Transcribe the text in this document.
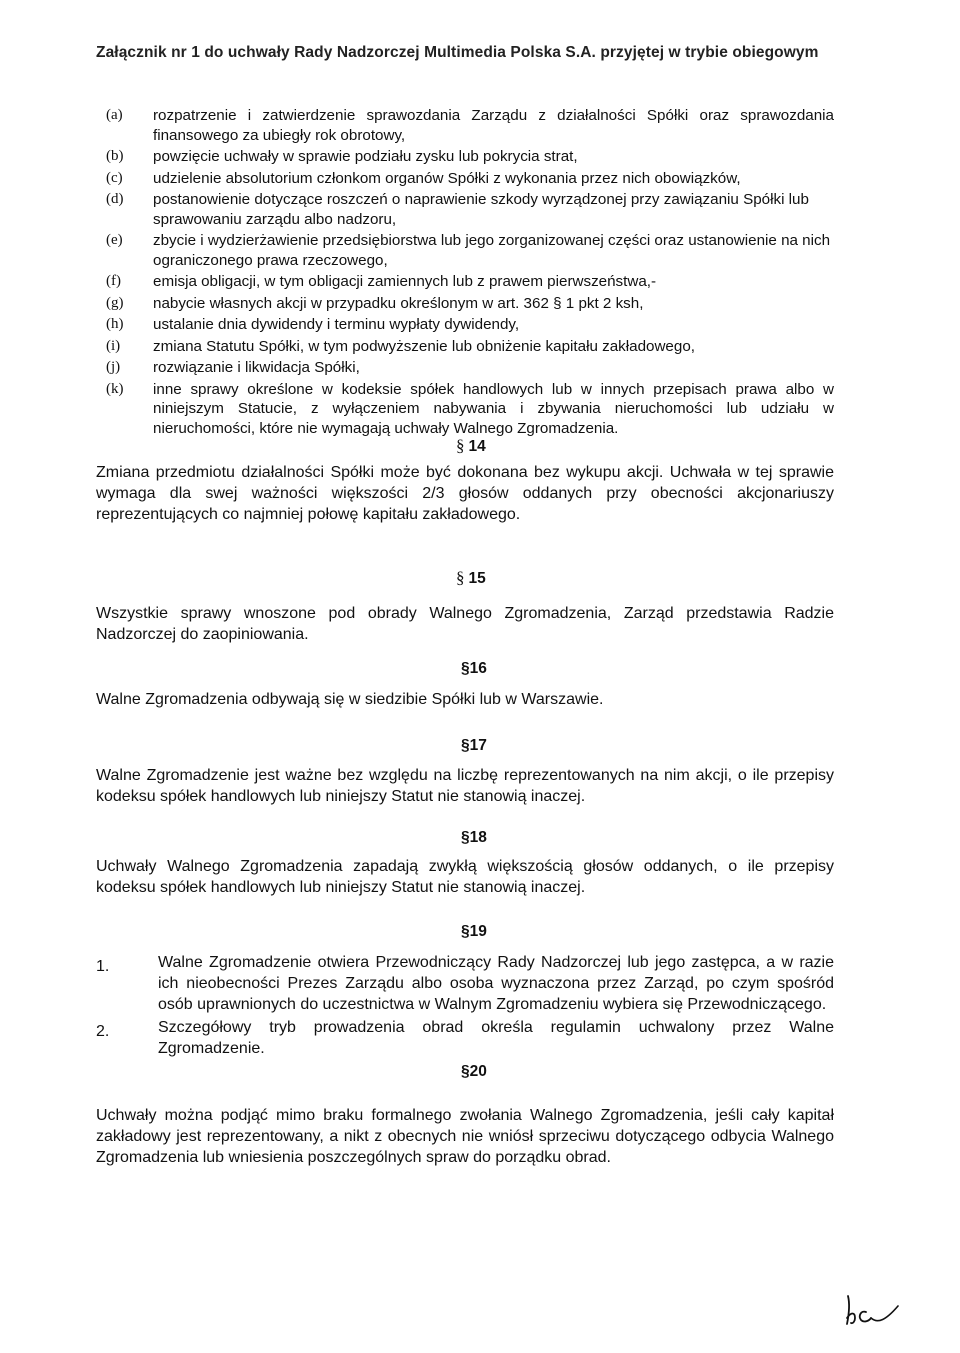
Załącznik nr 1 do uchwały Rady Nadzorczej Multimedia Polska S.A. przyjętej w trybie obiegowym
(a)	rozpatrzenie i zatwierdzenie sprawozdania Zarządu z działalności Spółki oraz sprawozdania finansowego za ubiegły rok obrotowy,
(b)	powzięcie uchwały w sprawie podziału zysku lub pokrycia strat,
(c)	udzielenie absolutorium członkom organów Spółki z wykonania przez nich obowiązków,
(d)	postanowienie dotyczące roszczeń o naprawienie szkody wyrządzonej przy zawiązaniu Spółki lub sprawowaniu zarządu albo nadzoru,
(e)	zbycie i wydzierżawienie przedsiębiorstwa lub jego zorganizowanej części oraz ustanowienie na nich ograniczonego prawa rzeczowego,
(f)	emisja obligacji, w tym obligacji zamiennych lub z prawem pierwszeństwa,-
(g)	nabycie własnych akcji w przypadku określonym w art. 362 § 1 pkt 2 ksh,
(h)	ustalanie dnia dywidendy i terminu wypłaty dywidendy,
(i)	zmiana Statutu Spółki, w tym podwyższenie lub obniżenie kapitału zakładowego,
(j)	rozwiązanie i likwidacja Spółki,
(k)	inne sprawy określone w kodeksie spółek handlowych lub w innych przepisach prawa albo w niniejszym Statucie, z wyłączeniem nabywania i zbywania nieruchomości lub udziału w nieruchomości, które nie wymagają uchwały Walnego Zgromadzenia.
§ 14

Zmiana przedmiotu działalności Spółki może być dokonana bez wykupu akcji. Uchwała w tej sprawie wymaga dla swej ważności większości 2/3 głosów oddanych przy obecności akcjonariuszy reprezentujących co najmniej połowę kapitału zakładowego.

§ 15

Wszystkie sprawy wnoszone pod obrady Walnego Zgromadzenia, Zarząd przedstawia Radzie Nadzorczej do zaopiniowania.

§16

Walne Zgromadzenia odbywają się w siedzibie Spółki lub w Warszawie.

§17

Walne Zgromadzenie jest ważne bez względu na liczbę reprezentowanych na nim akcji, o ile przepisy kodeksu spółek handlowych lub niniejszy Statut nie stanowią inaczej.

§18

Uchwały Walnego Zgromadzenia zapadają zwykłą większością głosów oddanych, o ile przepisy kodeksu spółek handlowych lub niniejszy Statut nie stanowią inaczej.

§19
1.	Walne Zgromadzenie otwiera Przewodniczący Rady Nadzorczej lub jego zastępca, a w razie ich nieobecności Prezes Zarządu albo osoba wyznaczona przez Zarząd, po czym spośród osób uprawnionych do uczestnictwa w Walnym Zgromadzeniu wybiera się Przewodniczącego.
2.	Szczegółowy tryb prowadzenia obrad określa regulamin uchwalony przez Walne Zgromadzenie.
§20

Uchwały można podjąć mimo braku formalnego zwołania Walnego Zgromadzenia, jeśli cały kapitał zakładowy jest reprezentowany, a nikt z obecnych nie wniósł sprzeciwu dotyczącego odbycia Walnego Zgromadzenia lub wniesienia poszczególnych spraw do porządku obrad.
